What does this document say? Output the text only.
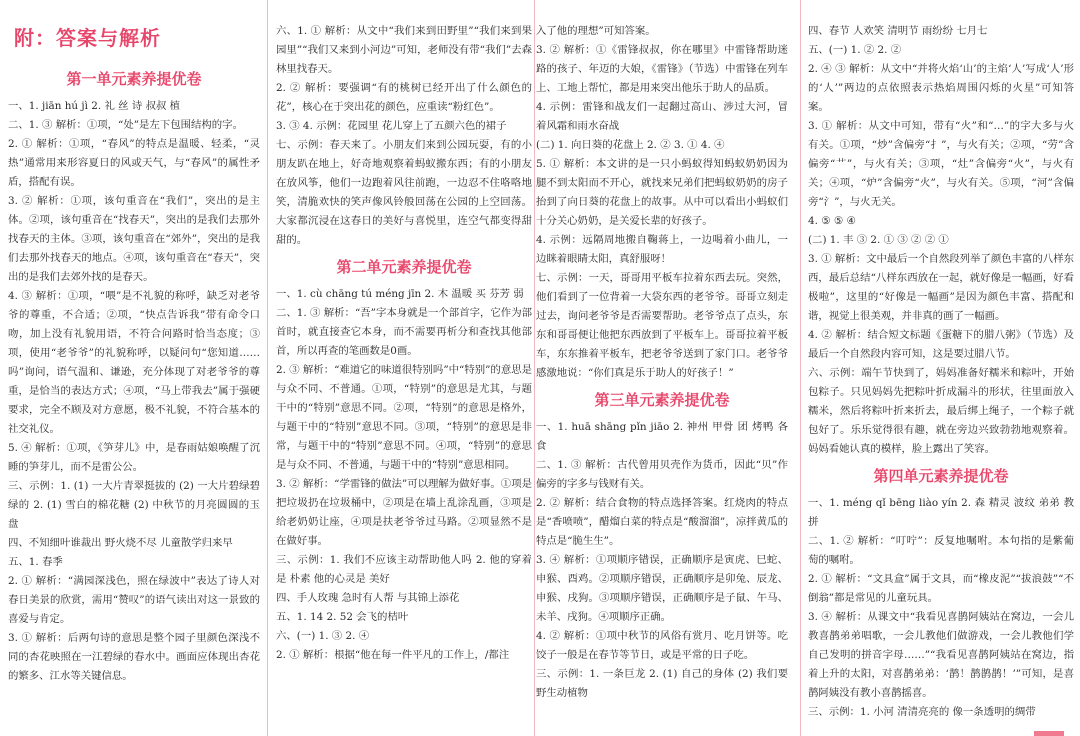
附：答案与解析
第一单元素养提优卷

一、1. jiān hú jì 2. 礼 丝 诗 叔叔 植

二、1. ③ 解析：①项，“处”是左下包围结构的字。

2. ① 解析：①项，“春风”的特点是温暖、轻柔，“灵热”通常用来形容夏日的风或天气，与“春风”的属性矛盾，搭配有误。

3. ② 解析：①项，该句重音在“我们”，突出的是主体。②项，该句重音在“找春天”，突出的是我们去那外找春天的主体。③项，该句重音在“郊外”，突出的是我们去那外找春天的地点。④项，该句重音在“春天”，突出的是我们去郊外找的是春天。

4. ③ 解析：①项，“喂”是不礼貌的称呼，缺乏对老爷爷的尊重，不合适；②项，“快点告诉我”带有命令口吻，加上没有礼貌用语，不符合问路时恰当态度；③项，使用“老爷爷”的礼貌称呼，以疑问句“您知道……吗”询问，语气温和、谦逊，充分体现了对老爷爷的尊重，是恰当的表达方式；④项，“马上带我去”属于强硬要求，完全不顾及对方意愿，极不礼貌，不符合基本的社交礼仪。

5. ④ 解析：①项，《笋芽儿》中，是春雨姑娘唤醒了沉睡的笋芽儿，而不是雷公公。

三、示例：1. (1) 一大片青翠挺拔的 (2) 一大片碧绿碧绿的 2. (1) 雪白的棉花糖 (2) 中秋节的月亮圆圆的玉盘

四、不知细叶谁裁出 野火烧不尽 儿童散学归来早

五、1. 春季

2. ① 解析：“满园深浅色，照在绿波中”表达了诗人对春日美景的欣赏，需用“赞叹”的语气读出对这一景致的喜爱与肯定。

3. ① 解析：后两句诗的意思是整个园子里颜色深浅不同的杏花映照在一江碧绿的春水中。画面应体现出杏花的繁多、江水等关键信息。

六、1. ① 解析：从文中“我们来到田野里”“我们来到果园里”“我们又来到小河边”可知，老师没有带“我们”去森林里找春天。

2. ② 解析：要强调“有的桃树已经开出了什么颜色的花”，核心在于突出花的颜色，应重读“粉红色”。

3. ③ 4. 示例：花园里 花儿穿上了五颜六色的裙子

七、示例：春天来了。小朋友们来到公园玩耍，有的小朋友趴在地上，好奇地观察着蚂蚁搬东西；有的小朋友在放风筝，他们一边跑着风往前跑，一边忍不住咯咯地笑，清脆欢快的笑声像风铃般回荡在公园的上空回荡。大家都沉浸在这春日的美好与喜悦里，连空气都变得甜甜的。

第二单元素养提优卷

一、1. cù chāng tú méng jīn 2. 木 温暖 买 芬芳 弱

二、1. ③ 解析：“吾”字本身就是一个部首字，它作为部首时，就直接查它本身，而不需要再析分和查找其他部首，所以再查的笔画数是0画。

2. ③ 解析：“难道它的味道很特别吗”中“特别”的意思是与众不同、不普通。①项，“特别”的意思是尤其，与题干中的“特别”意思不同。②项，“特别”的意思是格外，与题干中的“特别”意思不同。③项，“特别”的意思是非常，与题干中的“特别”意思不同。④项，“特别”的意思是与众不同、不普通，与题干中的“特别”意思相同。

3. ② 解析：“学雷锋的做法”可以理解为做好事。①项是把垃圾扔在垃圾桶中，②项是在墙上乱涂乱画，③项是给老奶奶让座，④项是扶老爷爷过马路。②项显然不是在做好事。

三、示例：1. 我们不应该主动帮助他人吗 2. 他的穿着是 朴素 他的心灵是 美好

四、手人玫瑰 急时有人帮 与其锦上添花

五、1. 14 2. 52 会飞的桔叶

六、(一) 1. ③ 2. ④

2. ① 解析：根据“他在每一件平凡的工作上，/都注

入了他的理想”可知答案。

3. ② 解析：①《雷锋叔叔，你在哪里》中雷锋帮助迷路的孩子、年迈的大娘，《雷锋》（节选）中雷锋在列车上、工地上帮忙，都是用来突出他乐于助人的品质。

4. 示例：雷锋和战友们一起翻过高山、涉过大河，冒着风霜和雨水奋战

(二) 1. 向日葵的花盘上 2. ② 3. ① 4. ④

5. ① 解析：本文讲的是一只小蚂蚁得知蚂蚁奶奶因为腿不到太阳而不开心，就找来兄弟们把蚂蚁奶奶的房子抬到了向日葵的花盘上的故事。从中可以看出小蚂蚁们十分关心奶奶，是关爱长辈的好孩子。

4. 示例：远隔周地搬自鞠蒋上，一边喝着小曲儿，一边眯着眼睛太阳，真舒服呀！

七、示例：一天，哥哥用平板车拉着东西去玩。突然，他们看到了一位背着一大袋东西的老爷爷。哥哥立刻走过去，询问老爷爷是否需要帮助。老爷爷点了点头，东东和哥哥便让他把东西放到了平板车上。哥哥拉着平板车，东东推着平板车，把老爷爷送到了家门口。老爷爷感激地说：“你们真是乐于助人的好孩子！”

第三单元素养提优卷

一、1. huā shāng pǐn jiāo 2. 神州 甲骨 团 烤鸭 各 食

二、1. ③ 解析：古代曾用贝壳作为货币，因此“贝”作偏旁的字多与钱财有关。

2. ② 解析：结合食物的特点选择答案。红烧肉的特点是“香喷喷”，醋熘白菜的特点是“酸溜溜”，凉拌黄瓜的特点是“脆生生”。

3. ④ 解析：①项顺序错误，正确顺序是寅虎、巳蛇、申猴、酉鸡。②项顺序错误，正确顺序是卯兔、辰龙、申猴、戌狗。③项顺序错误，正确顺序是子鼠、午马、未羊、戌狗。④项顺序正确。

4. ② 解析：①项中秋节的风俗有赏月、吃月饼等。吃饺子一般是在春节等节日，或是平常的日子吃。

三、示例：1. 一条巨龙 2. (1) 自己的身体 (2) 我们要 野生动植物

四、春节 人欢笑 清明节 雨纷纷 七月七

五、(一) 1. ② 2. ②

2. ④ ③ 解析：从文中“并将火焰‘山’的主焰‘人’写成‘人’形的‘人’”两边的点依照表示热焰周围闪烁的火星”可知答案。

3. ① 解析：从文中可知，带有“火”和“…”的字大多与火有关。①项，“炒”含偏旁“扌”，与火有关；②项，“劳”含偏旁“艹”，与火有关；③项，“灶”含偏旁“火”，与火有关；④项，“炉”含偏旁“火”，与火有关。⑤项，“河”含偏旁“氵”，与火无关。

4. ⑤ ⑤ ④

(二) 1. 丰 ③ 2. ① ③ ② ② ①

3. ① 解析：文中最后一个自然段列举了颜色丰富的八样东西，最后总结“八样东西放在一起，就好像是一幅画，好看极啦”，这里的“好像是一幅画”是因为颜色丰富、搭配和谐，视觉上很美观，并非真的画了一幅画。

4. ② 解析：结合短文标题《蛋糖下的腊八粥》（节选）及最后一个自然段内容可知，这是要过腊八节。

六、示例：端午节快到了，妈妈准备好糯米和粽叶，开始包粽子。只见妈妈先把粽叶折成漏斗的形状，往里面放入糯米，然后将粽叶折来折去，最后绑上绳子，一个粽子就包好了。乐乐觉得很有趣，就在旁边兴致勃勃地观察着。妈妈看她认真的模样，脸上露出了笑容。

第四单元素养提优卷

一、1. méng qǐ bēng liào yín 2. 森 精灵 波纹 弟弟 教 拼

二、1. ② 解析：“叮咛”：反复地嘱咐。本句指的是紫葡萄的嘱咐。

2. ① 解析：“文具盒”属于文具，而“橡皮泥”“拔浪鼓”“不倒翁”都是常见的儿童玩具。

3. ④ 解析：从课文中“我看见喜鹊阿姨站在窝边，一会儿教喜鹊弟弟唱歌，一会儿教他们做游戏，一会儿教他们学自己发明的拼音字母……”“我看见喜鹊阿姨站在窝边，指着上升的太阳，对喜鹊弟弟：‘鹊！鹊鹊鹊！’”可知，是喜鹊阿姨没有教小喜鹊摇喜。

三、示例：1. 小河 清清亮亮的 像一条透明的绸带
